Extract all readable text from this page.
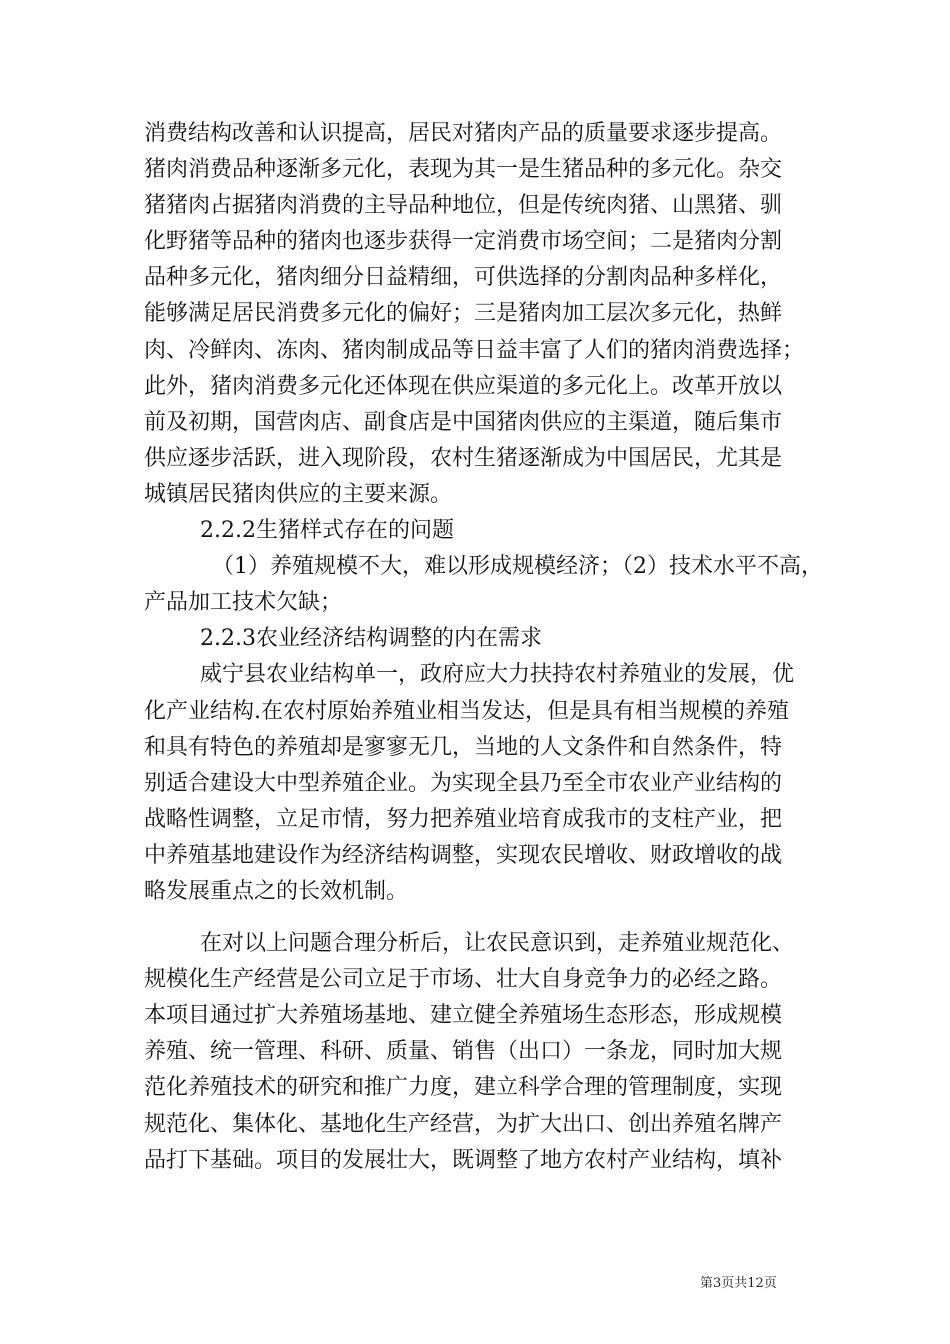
消费结构改善和认识提高，居民对猪肉产品的质量要求逐步提高。
猪肉消费品种逐渐多元化，表现为其一是生猪品种的多元化。杂交
猪猪肉占据猪肉消费的主导品种地位，但是传统肉猪、山黑猪、驯
化野猪等品种的猪肉也逐步获得一定消费市场空间；二是猪肉分割
品种多元化，猪肉细分日益精细，可供选择的分割肉品种多样化，
能够满足居民消费多元化的偏好；三是猪肉加工层次多元化，热鲜
肉、冷鲜肉、冻肉、猪肉制成品等日益丰富了人们的猪肉消费选择；
此外，猪肉消费多元化还体现在供应渠道的多元化上。改革开放以
前及初期，国营肉店、副食店是中国猪肉供应的主渠道，随后集市
供应逐步活跃，进入现阶段，农村生猪逐渐成为中国居民，尤其是
城镇居民猪肉供应的主要来源。
2.2.2生猪样式存在的问题
（1）养殖规模不大，难以形成规模经济；（2）技术水平不高，
产品加工技术欠缺；
2.2.3农业经济结构调整的内在需求
威宁县农业结构单一，政府应大力扶持农村养殖业的发展，优
化产业结构.在农村原始养殖业相当发达，但是具有相当规模的养殖
和具有特色的养殖却是寥寥无几，当地的人文条件和自然条件，特
别适合建设大中型养殖企业。为实现全县乃至全市农业产业结构的
战略性调整，立足市情，努力把养殖业培育成我市的支柱产业，把
中养殖基地建设作为经济结构调整，实现农民增收、财政增收的战
略发展重点之的长效机制。
在对以上问题合理分析后，让农民意识到，走养殖业规范化、
规模化生产经营是公司立足于市场、壮大自身竞争力的必经之路。
本项目通过扩大养殖场基地、建立健全养殖场生态形态，形成规模
养殖、统一管理、科研、质量、销售（出口）一条龙，同时加大规
范化养殖技术的研究和推广力度，建立科学合理的管理制度，实现
规范化、集体化、基地化生产经营，为扩大出口、创出养殖名牌产
品打下基础。项目的发展壮大，既调整了地方农村产业结构，填补
第3页共12页
